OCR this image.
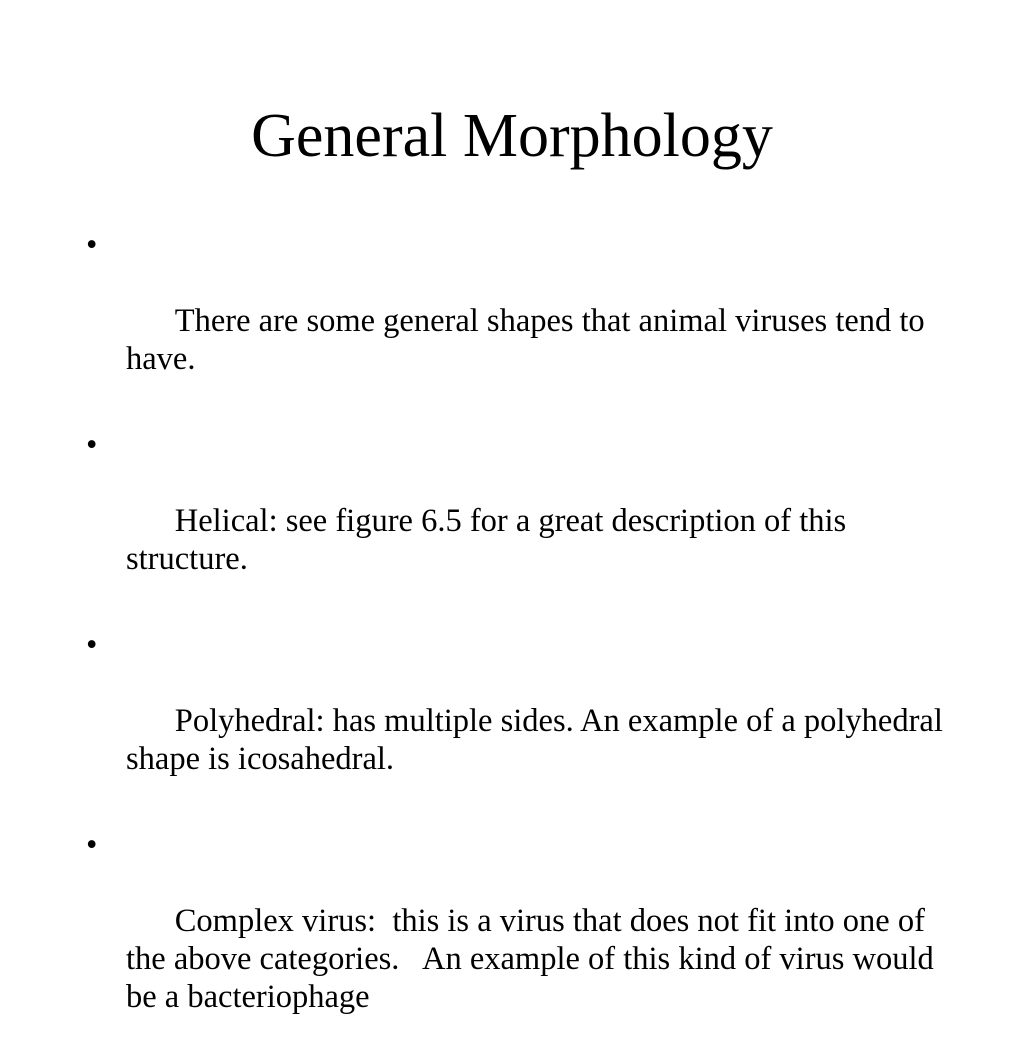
General Morphology

•

There are some general shapes that animal viruses tend to have.

•

Helical: see figure 6.5 for a great description of this structure.

•

Polyhedral: has multiple sides. An example of a polyhedral shape is icosahedral.

•

Complex virus:  this is a virus that does not fit into one of the above categories.   An example of this kind of virus would be a bacteriophage
